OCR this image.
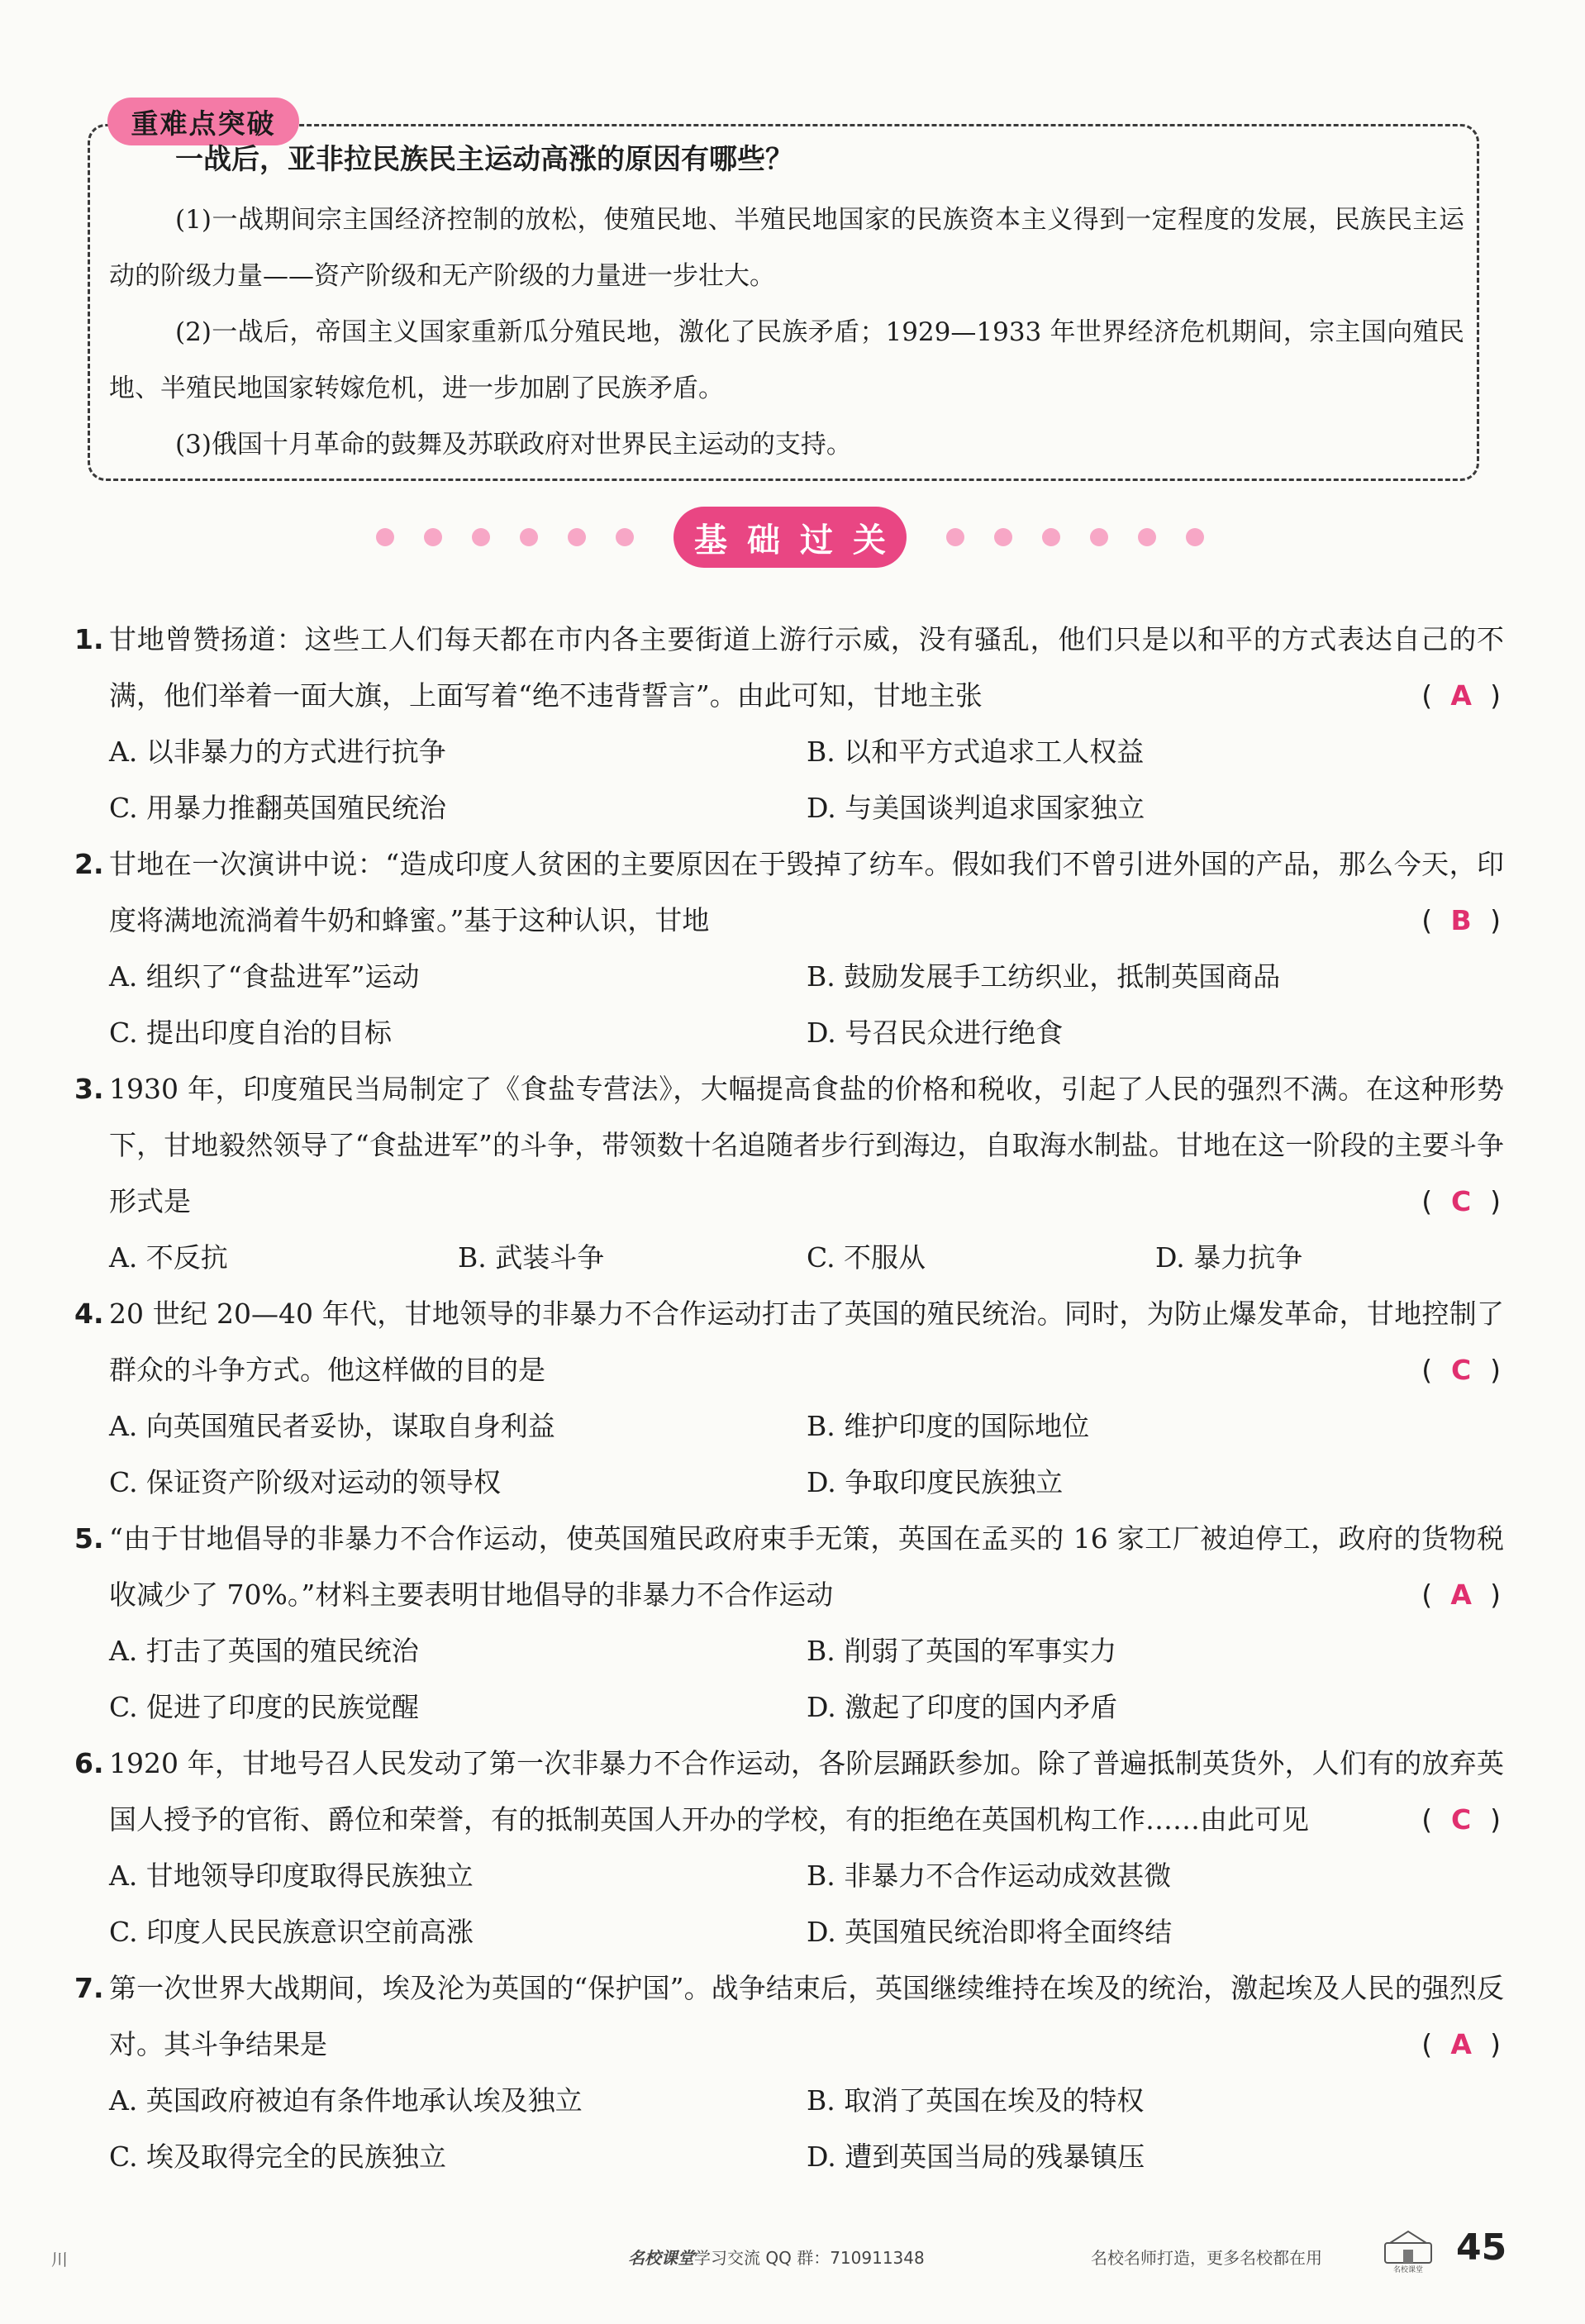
重难点突破
一战后，亚非拉民族民主运动高涨的原因有哪些？

(1)一战期间宗主国经济控制的放松，使殖民地、半殖民地国家的民族资本主义得到一定程度的发展，民族民主运动的阶级力量——资产阶级和无产阶级的力量进一步壮大。

(2)一战后，帝国主义国家重新瓜分殖民地，激化了民族矛盾；1929—1933 年世界经济危机期间，宗主国向殖民地、半殖民地国家转嫁危机，进一步加剧了民族矛盾。

(3)俄国十月革命的鼓舞及苏联政府对世界民主运动的支持。

基 础 过 关
1. 甘地曾赞扬道：这些工人们每天都在市内各主要街道上游行示威，没有骚乱，他们只是以和平的方式表达自己的不满，他们举着一面大旗，上面写着“绝不违背誓言”。由此可知，甘地主张	( A )
A. 以非暴力的方式进行抗争	B. 以和平方式追求工人权益
C. 用暴力推翻英国殖民统治	D. 与美国谈判追求国家独立
2. 甘地在一次演讲中说：“造成印度人贫困的主要原因在于毁掉了纺车。假如我们不曾引进外国的产品，那么今天，印度将满地流淌着牛奶和蜂蜜。”基于这种认识，甘地	( B )
A. 组织了“食盐进军”运动	B. 鼓励发展手工纺织业，抵制英国商品
C. 提出印度自治的目标	D. 号召民众进行绝食
3. 1930 年，印度殖民当局制定了《食盐专营法》，大幅提高食盐的价格和税收，引起了人民的强烈不满。在这种形势下，甘地毅然领导了“食盐进军”的斗争，带领数十名追随者步行到海边，自取海水制盐。甘地在这一阶段的主要斗争形式是	( C )
A. 不反抗	B. 武装斗争	C. 不服从	D. 暴力抗争
4. 20 世纪 20—40 年代，甘地领导的非暴力不合作运动打击了英国的殖民统治。同时，为防止爆发革命，甘地控制了群众的斗争方式。他这样做的目的是	( C )
A. 向英国殖民者妥协，谋取自身利益	B. 维护印度的国际地位
C. 保证资产阶级对运动的领导权	D. 争取印度民族独立
5. “由于甘地倡导的非暴力不合作运动，使英国殖民政府束手无策，英国在孟买的 16 家工厂被迫停工，政府的货物税收减少了 70%。”材料主要表明甘地倡导的非暴力不合作运动	( A )
A. 打击了英国的殖民统治	B. 削弱了英国的军事实力
C. 促进了印度的民族觉醒	D. 激起了印度的国内矛盾
6. 1920 年，甘地号召人民发动了第一次非暴力不合作运动，各阶层踊跃参加。除了普遍抵制英货外，人们有的放弃英国人授予的官衔、爵位和荣誉，有的抵制英国人开办的学校，有的拒绝在英国机构工作……由此可见	( C )
A. 甘地领导印度取得民族独立	B. 非暴力不合作运动成效甚微
C. 印度人民民族意识空前高涨	D. 英国殖民统治即将全面终结
7. 第一次世界大战期间，埃及沦为英国的“保护国”。战争结束后，英国继续维持在埃及的统治，激起埃及人民的强烈反对。其斗争结果是	( A )
A. 英国政府被迫有条件地承认埃及独立	B. 取消了英国在埃及的特权
C. 埃及取得完全的民族独立	D. 遭到英国当局的残暴镇压
川	名校课堂学习交流 QQ 群：710911348	名校名师打造，更多名校都在用
名校课堂
45
